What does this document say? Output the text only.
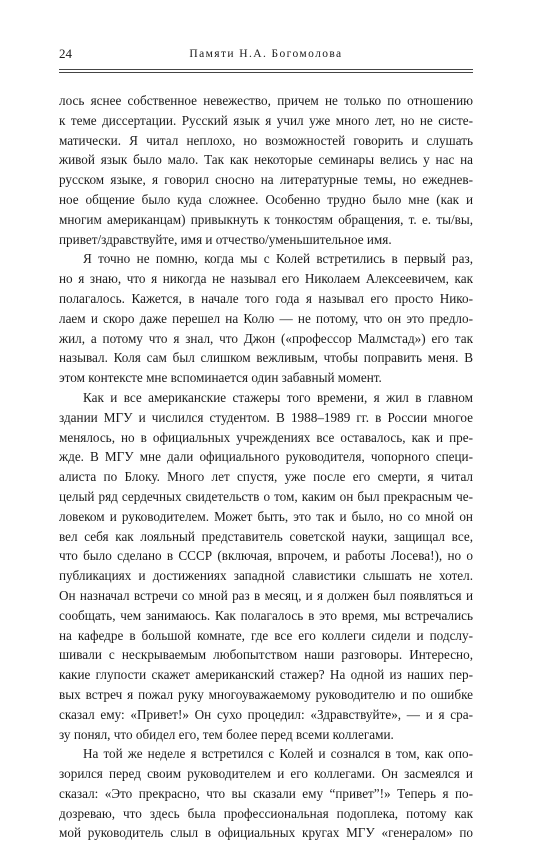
24	Памяти Н.А. Богомолова
лось яснее собственное невежество, причем не только по отношению
к теме диссертации. Русский язык я учил уже много лет, но не систе-
матически. Я читал неплохо, но возможностей говорить и слушать
живой язык было мало. Так как некоторые семинары велись у нас на
русском языке, я говорил сносно на литературные темы, но ежеднев-
ное общение было куда сложнее. Особенно трудно было мне (как и
многим американцам) привыкнуть к тонкостям обращения, т. е. ты/вы,
привет/здравствуйте, имя и отчество/уменьшительное имя.
Я точно не помню, когда мы с Колей встретились в первый раз,
но я знаю, что я никогда не называл его Николаем Алексеевичем, как
полагалось. Кажется, в начале того года я называл его просто Нико-
лаем и скоро даже перешел на Колю — не потому, что он это предло-
жил, а потому что я знал, что Джон («профессор Малмстад») его так
называл. Коля сам был слишком вежливым, чтобы поправить меня. В
этом контексте мне вспоминается один забавный момент.
Как и все американские стажеры того времени, я жил в главном
здании МГУ и числился студентом. В 1988–1989 гг. в России многое
менялось, но в официальных учреждениях все оставалось, как и пре-
жде. В МГУ мне дали официального руководителя, чопорного специ-
алиста по Блоку. Много лет спустя, уже после его смерти, я читал
целый ряд сердечных свидетельств о том, каким он был прекрасным че-
ловеком и руководителем. Может быть, это так и было, но со мной он
вел себя как лояльный представитель советской науки, защищал все,
что было сделано в СССР (включая, впрочем, и работы Лосева!), но о
публикациях и достижениях западной славистики слышать не хотел.
Он назначал встречи со мной раз в месяц, и я должен был появляться и
сообщать, чем занимаюсь. Как полагалось в это время, мы встречались
на кафедре в большой комнате, где все его коллеги сидели и подслу-
шивали с нескрываемым любопытством наши разговоры. Интересно,
какие глупости скажет американский стажер? На одной из наших пер-
вых встреч я пожал руку многоуважаемому руководителю и по ошибке
сказал ему: «Привет!» Он сухо процедил: «Здравствуйте», — и я сра-
зу понял, что обидел его, тем более перед всеми коллегами.
На той же неделе я встретился с Колей и сознался в том, как опо-
зорился перед своим руководителем и его коллегами. Он засмеялся и
сказал: «Это прекрасно, что вы сказали ему “привет”!» Теперь я по-
дозреваю, что здесь была профессиональная подоплека, потому как
мой руководитель слыл в официальных кругах МГУ «генералом» по
